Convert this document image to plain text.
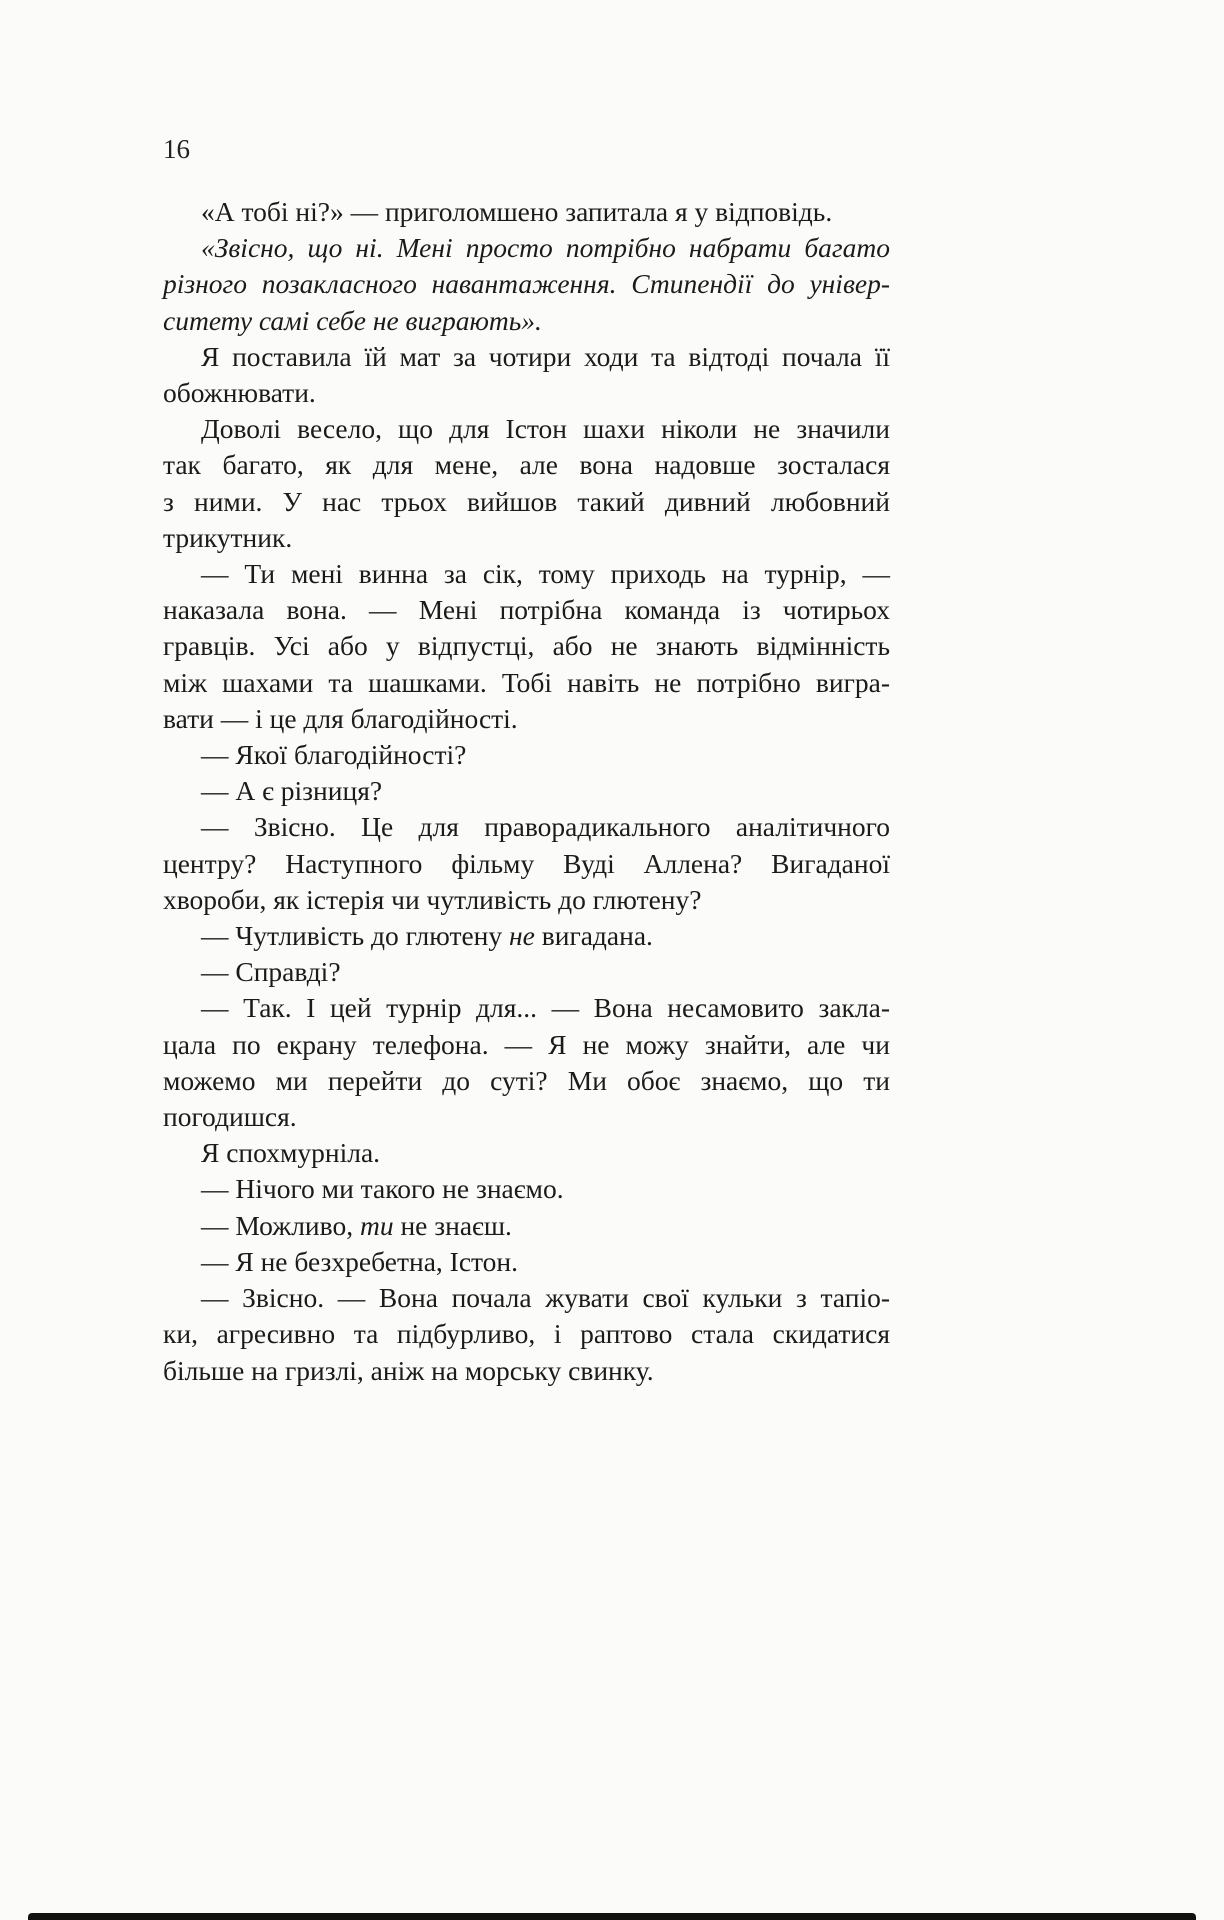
16
«А тобі ні?» — приголомшено запитала я у відповідь.
«Звісно, що ні. Мені просто потрібно набрати багато
різного позакласного навантаження. Стипендії до універ-
ситету самі себе не виграють».
Я поставила їй мат за чотири ходи та відтоді почала її
обожнювати.
Доволі весело, що для Істон шахи ніколи не значили
так багато, як для мене, але вона надовше зосталася
з ними. У нас трьох вийшов такий дивний любовний
трикутник.
— Ти мені винна за сік, тому приходь на турнір, —
наказала вона. — Мені потрібна команда із чотирьох
гравців. Усі або у відпустці, або не знають відмінність
між шахами та шашками. Тобі навіть не потрібно вигра-
вати — і це для благодійності.
— Якої благодійності?
— А є різниця?
— Звісно. Це для праворадикального аналітичного
центру? Наступного фільму Вуді Аллена? Вигаданої
хвороби, як істерія чи чутливість до глютену?
— Чутливість до глютену не вигадана.
— Справді?
— Так. І цей турнір для... — Вона несамовито закла-
цала по екрану телефона. — Я не можу знайти, але чи
можемо ми перейти до суті? Ми обоє знаємо, що ти
погодишся.
Я спохмурніла.
— Нічого ми такого не знаємо.
— Можливо, ти не знаєш.
— Я не безхребетна, Істон.
— Звісно. — Вона почала жувати свої кульки з тапіо-
ки, агресивно та підбурливо, і раптово стала скидатися
більше на гризлі, аніж на морську свинку.
